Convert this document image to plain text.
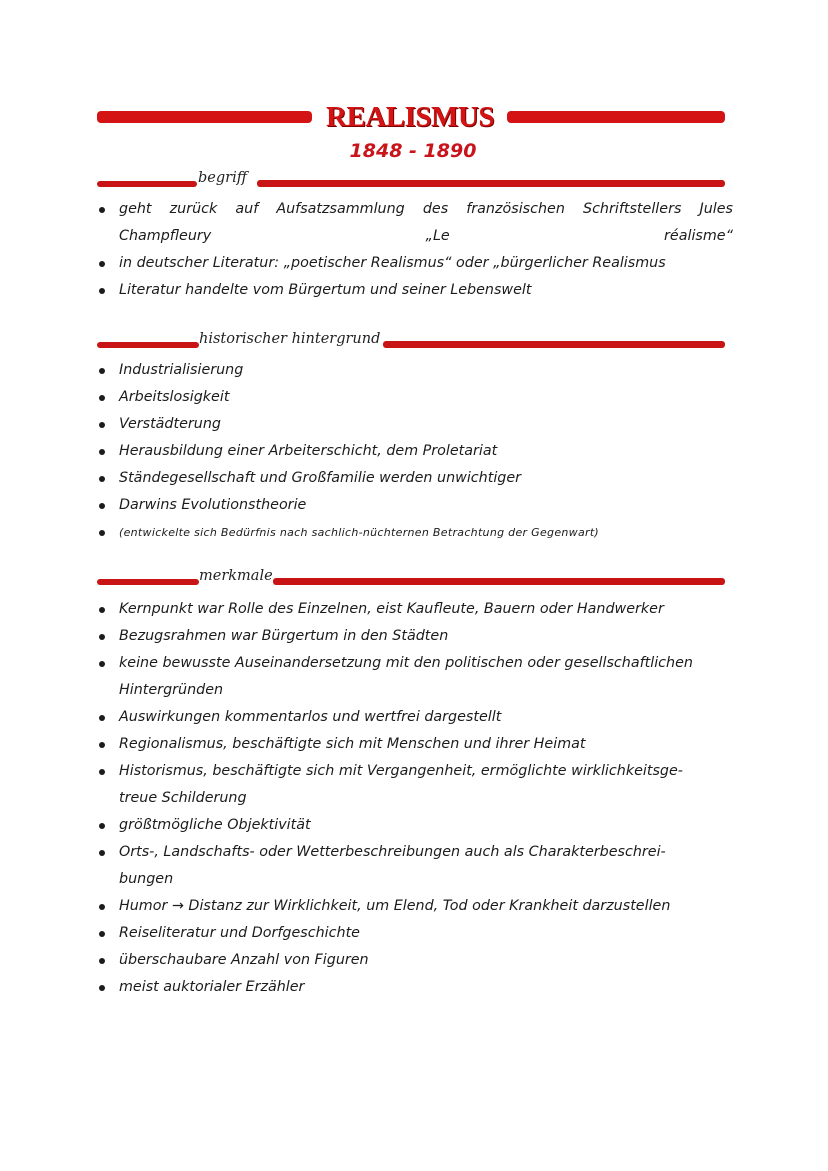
REALISMUS
1848 - 1890
begriff
geht zurück auf Aufsatzsammlung des französischen Schriftstellers Jules
Champfleury „Le réalisme“
in deutscher Literatur: „poetischer Realismus“ oder „bürgerlicher Realismus
Literatur handelte vom Bürgertum und seiner Lebenswelt
historischer hintergrund
Industrialisierung
Arbeitslosigkeit
Verstädterung
Herausbildung einer Arbeiterschicht, dem Proletariat
Ständegesellschaft und Großfamilie werden unwichtiger
Darwins Evolutionstheorie
(entwickelte sich Bedürfnis nach sachlich-nüchternen Betrachtung der Gegenwart)
merkmale
Kernpunkt war Rolle des Einzelnen, eist Kaufleute, Bauern oder Handwerker
Bezugsrahmen war Bürgertum in den Städten
keine bewusste Auseinandersetzung mit den politischen oder gesellschaftlichen
Hintergründen
Auswirkungen kommentarlos und wertfrei dargestellt
Regionalismus, beschäftigte sich mit Menschen und ihrer Heimat
Historismus, beschäftigte sich mit Vergangenheit, ermöglichte wirklichkeitsge-
treue Schilderung
größtmögliche Objektivität
Orts-, Landschafts- oder Wetterbeschreibungen auch als Charakterbeschrei-
bungen
Humor → Distanz zur Wirklichkeit, um Elend, Tod oder Krankheit darzustellen
Reiseliteratur und Dorfgeschichte
überschaubare Anzahl von Figuren
meist auktorialer Erzähler
